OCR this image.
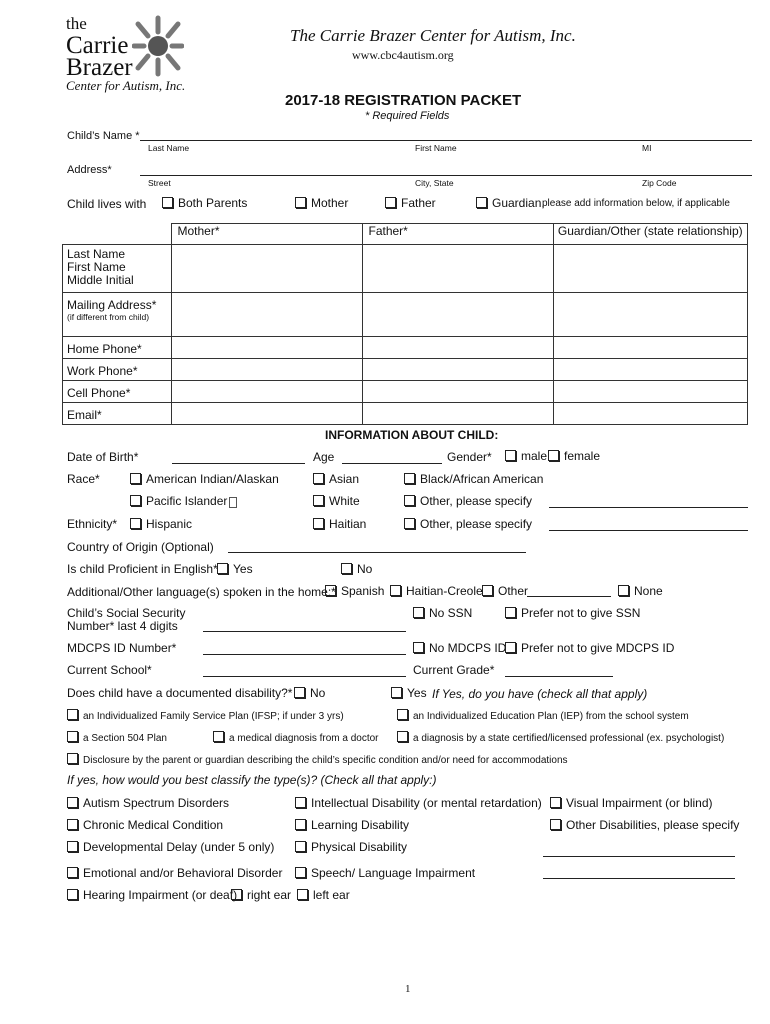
the
Carrie
Brazer
Center for Autism, Inc.
The Carrie Brazer Center for Autism, Inc.
www.cbc4autism.org
2017-18 REGISTRATION PACKET
* Required Fields
Child’s Name *
Last Name	First Name	MI
Address*
Street	City, State	Zip Code
Child lives with	Both Parents	Mother	Father	Guardian,
please add information below, if applicable
	Mother*	Father*	Guardian/Other (state relationship)

Last Name
First Name
Middle Initial			

Mailing Address*
(if different from child)			

Home Phone*			
Work Phone*			
Cell Phone*			
Email*			
INFORMATION ABOUT CHILD:
Date of Birth*	Age	Gender*	male	female
Race*	American Indian/Alaskan	Asian	Black/African American
Pacific Islander	White	Other, please specify
Ethnicity*	Hispanic	Haitian	Other, please specify
Country of Origin (Optional)
Is child Proficient in English*	Yes	No
Additional/Other language(s) spoken in the home:* Spanish	Haitian-Creole	Other	None
Child’s Social Security
Number* last 4 digits
No SSN	Prefer not to give SSN
MDCPS ID Number*	No MDCPS ID	Prefer not to give MDCPS ID
Current School*	Current Grade*
Does child have a documented disability?*	No	Yes If Yes, do you have (check all that apply)
an Individualized Family Service Plan (IFSP; if under 3 yrs)	an Individualized Education Plan (IEP) from the school system
a Section 504 Plan	a medical diagnosis from a doctor	a diagnosis by a state certified/licensed professional (ex. psychologist)
Disclosure by the parent or guardian describing the child’s specific condition and/or need for accommodations
If yes, how would you best classify the type(s)? (Check all that apply:)
Autism Spectrum Disorders	Intellectual Disability (or mental retardation)	Visual Impairment (or blind)
Chronic Medical Condition	Learning Disability	Other Disabilities, please specify
Developmental Delay (under 5 only)	Physical Disability
Emotional and/or Behavioral Disorder	Speech/ Language Impairment
Hearing Impairment (or deaf) right ear	left ear
1
